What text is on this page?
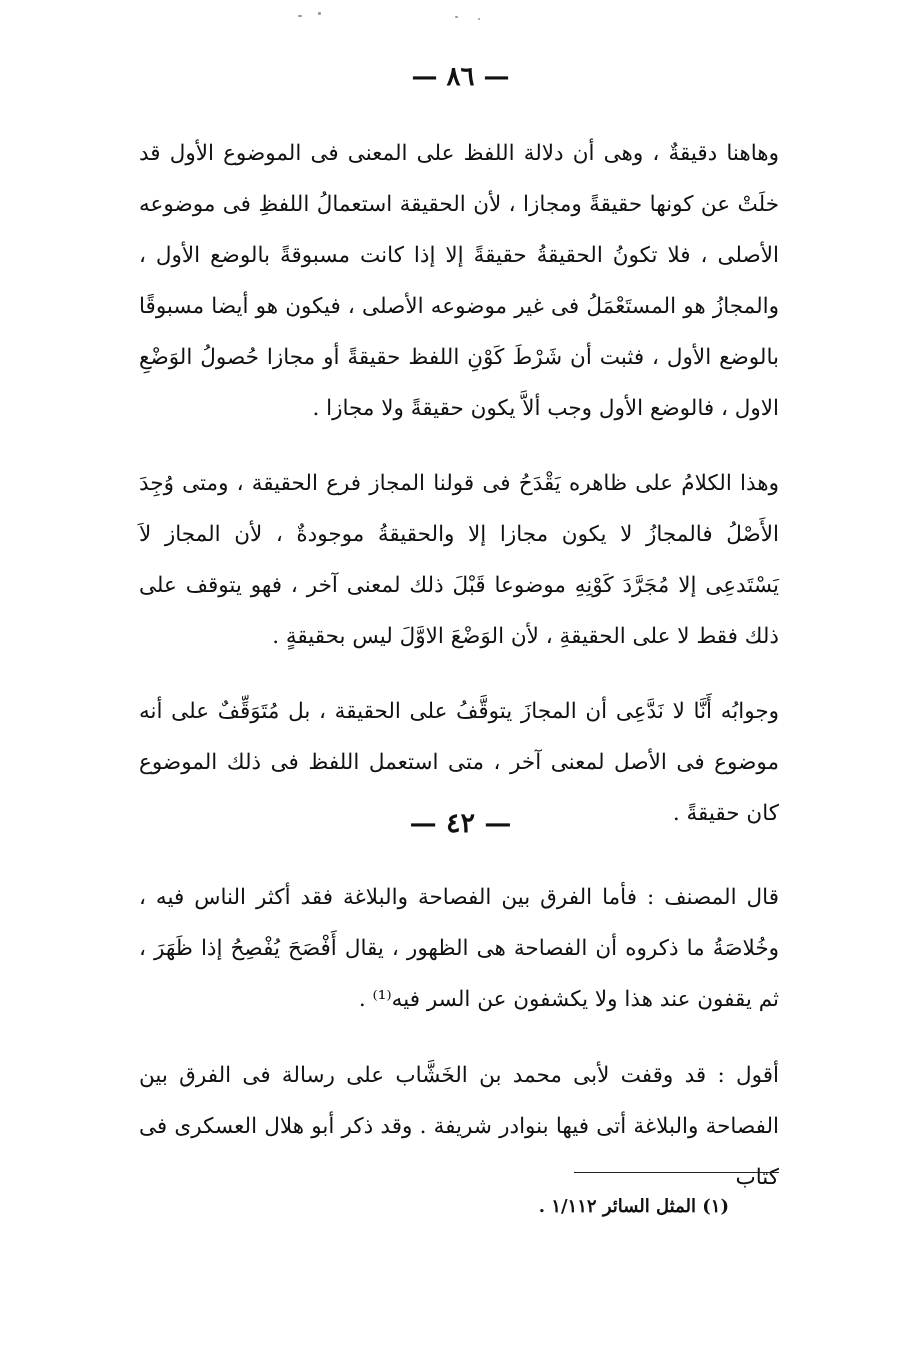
— ٨٦ —

وهاهنا دقيقةٌ ، وهى أن دلالة اللفظ على المعنى فى الموضوع الأول قد خلَتْ عن كونها حقيقةً ومجازا ، لأن الحقيقة استعمالُ اللفظِ فى موضوعه الأصلى ، فلا تكونُ الحقيقةُ حقيقةً إلا إذا كانت مسبوقةً بالوضع الأول ، والمجازُ هو المستَعْمَلُ فى غير موضوعه الأصلى ، فيكون هو أيضا مسبوقًا بالوضع الأول ، فثبت أن شَرْطَ كَوْنِ اللفظ حقيقةً أو مجازا حُصولُ الوَضْعِ الاول ، فالوضع الأول وجب ألاَّ يكون حقيقةً ولا مجازا .

وهذا الكلامُ على ظاهره يَقْدَحُ فى قولنا المجاز فرع الحقيقة ، ومتى وُجِدَ الأَصْلُ فالمجازُ لا يكون مجازا إلا والحقيقةُ موجودةٌ ، لأن المجاز لاَ يَسْتَدعِى إلا مُجَرَّدَ كَوْنِهِ موضوعا قَبْلَ ذلك لمعنى آخر ، فهو يتوقف على ذلك فقط لا على الحقيقةِ ، لأن الوَضْعَ الاوَّلَ ليس بحقيقةٍ .

وجوابُه أَنَّا لا نَدَّعِى أن المجازَ يتوقَّفُ على الحقيقة ، بل مُتَوَقِّفٌ على أنه موضوع فى الأصل لمعنى آخر ، متى استعمل اللفظ فى ذلك الموضوع كان حقيقةً .

— ٤٢ —

قال المصنف : فأما الفرق بين الفصاحة والبلاغة فقد أكثر الناس فيه ، وخُلاصَةُ ما ذكروه أن الفصاحة هى الظهور ، يقال أَفْصَحَ يُفْصِحُ إذا ظَهَرَ ، ثم يقفون عند هذا ولا يكشفون عن السر فيه⁽¹⁾ .

أقول : قد وقفت لأبى محمد بن الخَشَّاب على رسالة فى الفرق بين الفصاحة والبلاغة أتى فيها بنوادر شريفة . وقد ذكر أبو هلال العسكرى فى كتاب

(١) المثل السائر ١/١١٢ .
